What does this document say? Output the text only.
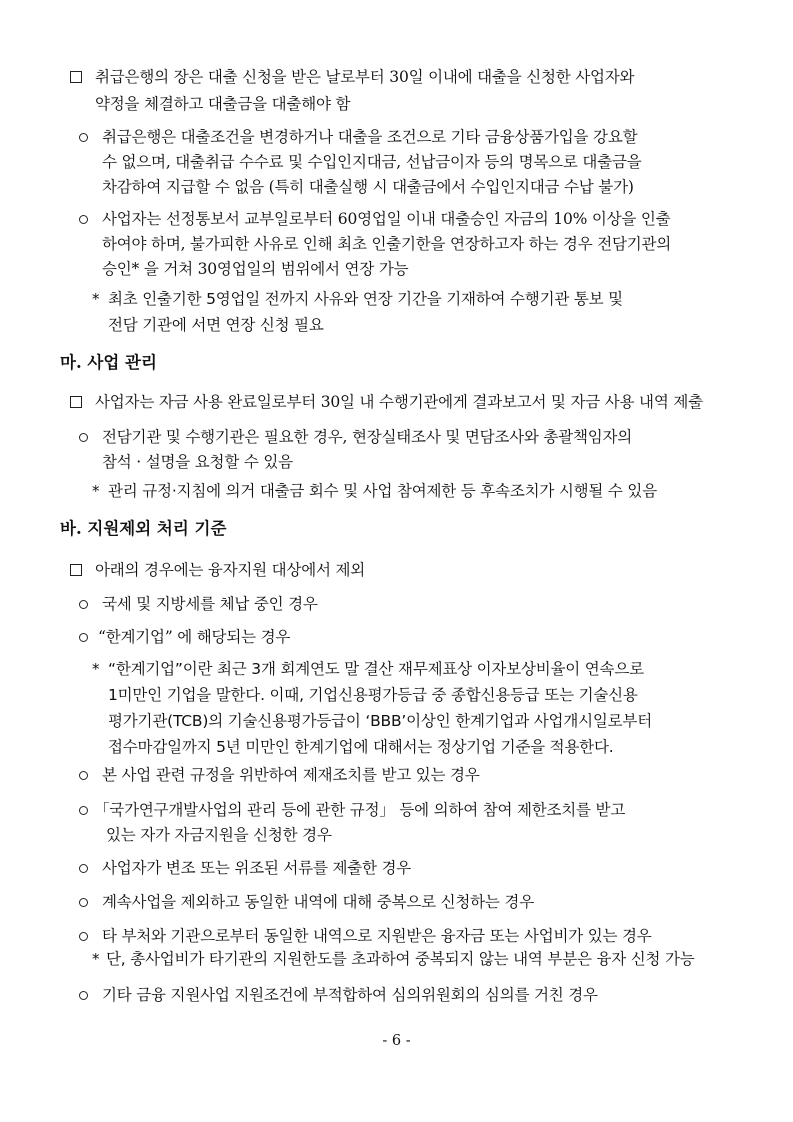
취급은행의 장은 대출 신청을 받은 날로부터 30일 이내에 대출을 신청한 사업자와
약정을 체결하고 대출금을 대출해야 함
취급은행은 대출조건을 변경하거나 대출을 조건으로 기타 금융상품가입을 강요할
수 없으며, 대출취급 수수료 및 수입인지대금, 선납금이자 등의 명목으로 대출금을
차감하여 지급할 수 없음 (특히 대출실행 시 대출금에서 수입인지대금 수납 불가)
사업자는 선정통보서 교부일로부터 60영업일 이내 대출승인 자금의 10% 이상을 인출
하여야 하며, 불가피한 사유로 인해 최초 인출기한을 연장하고자 하는 경우 전담기관의
승인* 을 거쳐 30영업일의 범위에서 연장 가능
* 최초 인출기한 5영업일 전까지 사유와 연장 기간을 기재하여 수행기관 통보 및
전담 기관에 서면 연장 신청 필요
마. 사업 관리
사업자는 자금 사용 완료일로부터 30일 내 수행기관에게 결과보고서 및 자금 사용 내역 제출
전담기관 및 수행기관은 필요한 경우, 현장실태조사 및 면담조사와 총괄책임자의
참석 · 설명을 요청할 수 있음
* 관리 규정·지침에 의거 대출금 회수 및 사업 참여제한 등 후속조치가 시행될 수 있음
바. 지원제외 처리 기준
아래의 경우에는 융자지원 대상에서 제외
국세 및 지방세를 체납 중인 경우
“한계기업” 에 해당되는 경우
* “한계기업”이란 최근 3개 회계연도 말 결산 재무제표상 이자보상비율이 연속으로
1미만인 기업을 말한다. 이때, 기업신용평가등급 중 종합신용등급 또는 기술신용
평가기관(TCB)의 기술신용평가등급이 ‘BBB’이상인 한계기업과 사업개시일로부터
접수마감일까지 5년 미만인 한계기업에 대해서는 정상기업 기준을 적용한다.
본 사업 관련 규정을 위반하여 제재조치를 받고 있는 경우
「국가연구개발사업의 관리 등에 관한 규정」 등에 의하여 참여 제한조치를 받고
있는 자가 자금지원을 신청한 경우
사업자가 변조 또는 위조된 서류를 제출한 경우
계속사업을 제외하고 동일한 내역에 대해 중복으로 신청하는 경우
타 부처와 기관으로부터 동일한 내역으로 지원받은 융자금 또는 사업비가 있는 경우
* 단, 총사업비가 타기관의 지원한도를 초과하여 중복되지 않는 내역 부분은 융자 신청 가능
기타 금융 지원사업 지원조건에 부적합하여 심의위원회의 심의를 거친 경우
- 6 -
